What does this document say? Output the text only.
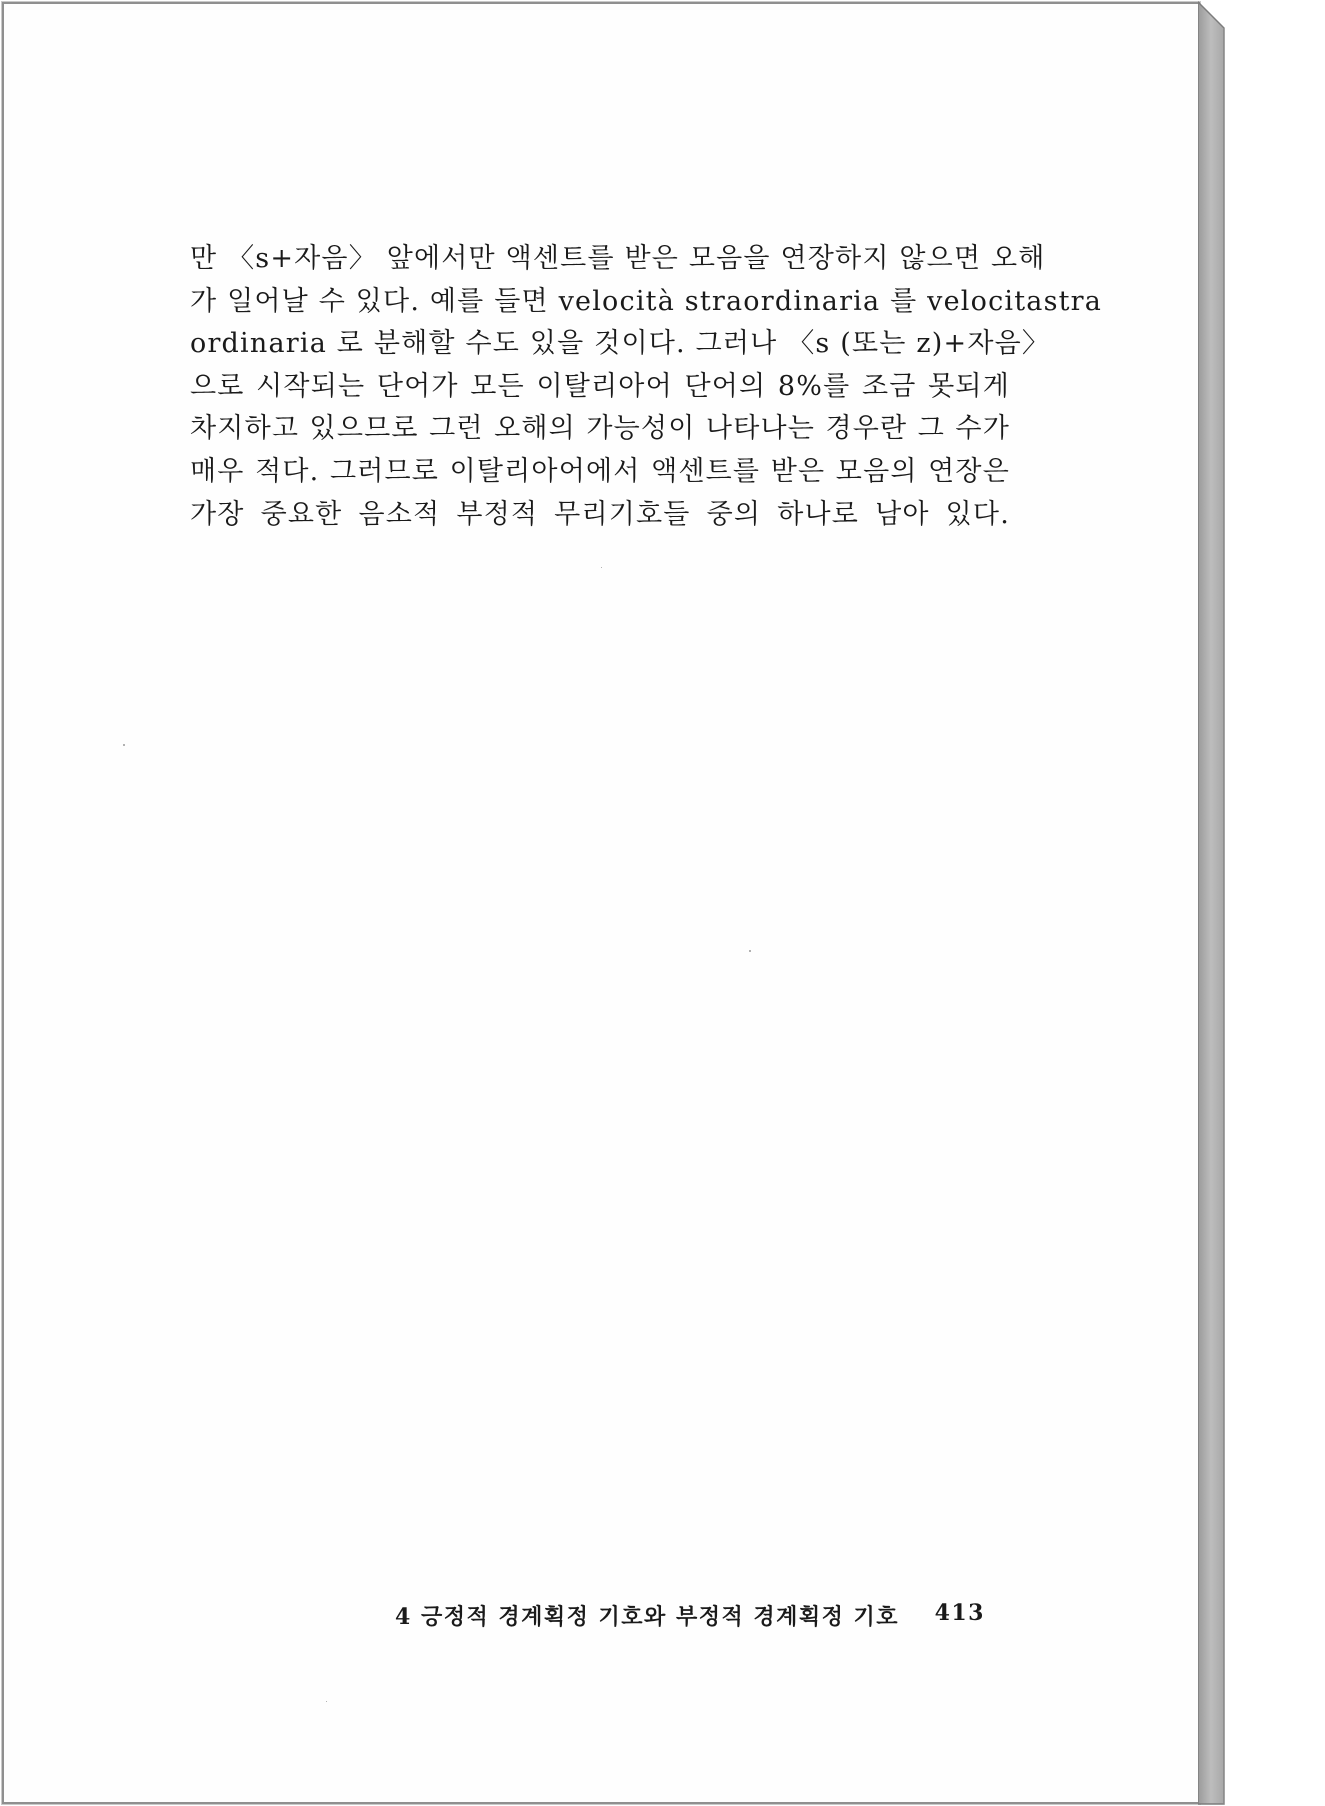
만 〈s+자음〉 앞에서만 액센트를 받은 모음을 연장하지 않으면 오해
가 일어날 수 있다. 예를 들면 velocità straordinaria 를 velocitastra
ordinaria 로 분해할 수도 있을 것이다. 그러나 〈s (또는 z)+자음〉
으로 시작되는 단어가 모든 이탈리아어 단어의 8%를 조금 못되게
차지하고 있으므로 그런 오해의 가능성이 나타나는 경우란 그 수가
매우 적다. 그러므로 이탈리아어에서 액센트를 받은 모음의 연장은
가장 중요한 음소적 부정적 무리기호들 중의 하나로 남아 있다.
4 긍정적 경계획정 기호와 부정적 경계획정 기호 413
